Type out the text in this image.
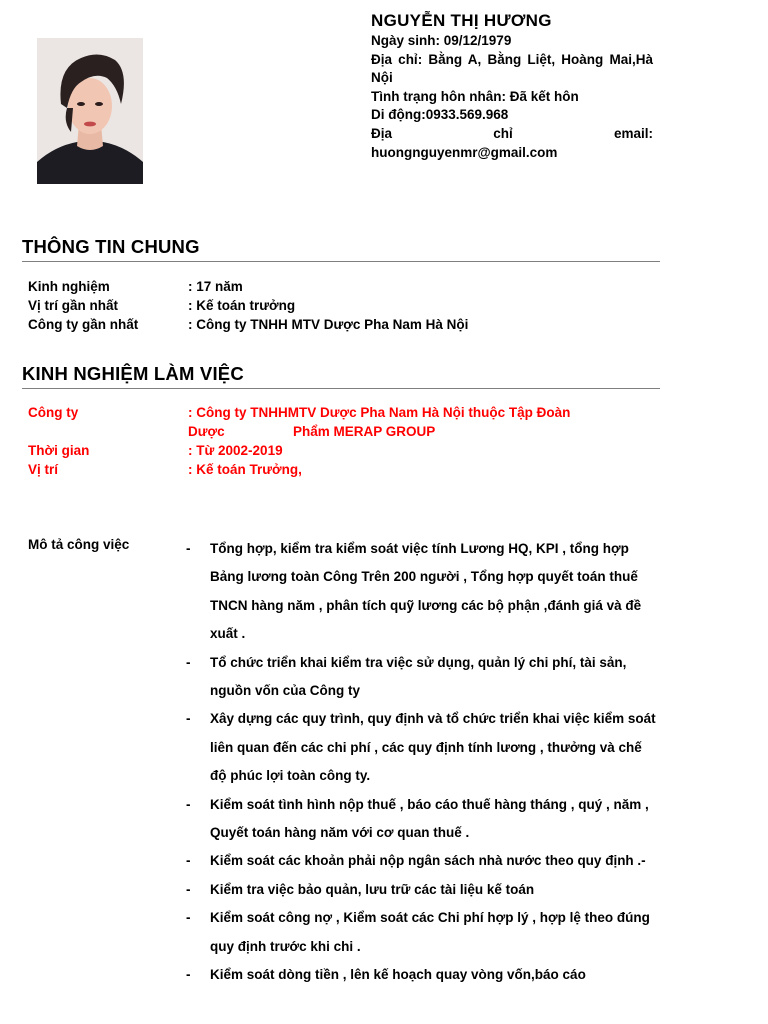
NGUYỄN THỊ HƯƠNG
Ngày sinh: 09/12/1979
Địa chỉ: Bằng A, Bằng Liệt, Hoàng Mai,Hà Nội
Tình trạng hôn nhân: Đã kết hôn
Di động:0933.569.968
Địa	chỉ	email:
huongnguyenmr@gmail.com
THÔNG TIN CHUNG
Kinh nghiệm	: 17 năm
Vị trí gần nhất	: Kế toán trưởng
Công ty gần nhất	: Công ty TNHH MTV Dược Pha Nam Hà Nội
KINH NGHIỆM LÀM VIỆC
Công ty	: Công ty TNHHMTV Dược Pha Nam Hà Nội thuộc Tập Đoàn
Dược	Phẩm MERAP GROUP
Thời gian	: Từ 2002-2019
Vị trí	: Kế toán Trưởng,
Mô tả công việc	- Tổng hợp, kiểm tra kiểm soát việc tính Lương HQ, KPI , tổng hợp Bảng lương toàn Công Trên 200 người , Tổng hợp quyết toán thuế TNCN hàng năm , phân tích quỹ lương các bộ phận ,đánh giá và đề xuất .
- Tổ chức triển khai kiểm tra việc sử dụng, quản lý chi phí, tài sản, nguồn vốn của Công ty
- Xây dựng các quy trình, quy định và tổ chức triển khai việc kiểm soát liên quan đến các chi phí , các quy định tính lương , thưởng và chế độ phúc lợi toàn công ty.
- Kiểm soát tình hình nộp thuế , báo cáo thuế hàng tháng , quý , năm , Quyết toán hàng năm với cơ quan thuế .
- Kiểm soát các khoản phải nộp ngân sách nhà nước theo quy định .-
- Kiểm tra việc bảo quản, lưu trữ các tài liệu kế toán
- Kiểm soát công nợ , Kiểm soát các Chi phí hợp lý , hợp lệ theo đúng quy định trước khi chi .
- Kiểm soát dòng tiền , lên kế hoạch quay vòng vốn,báo cáo
